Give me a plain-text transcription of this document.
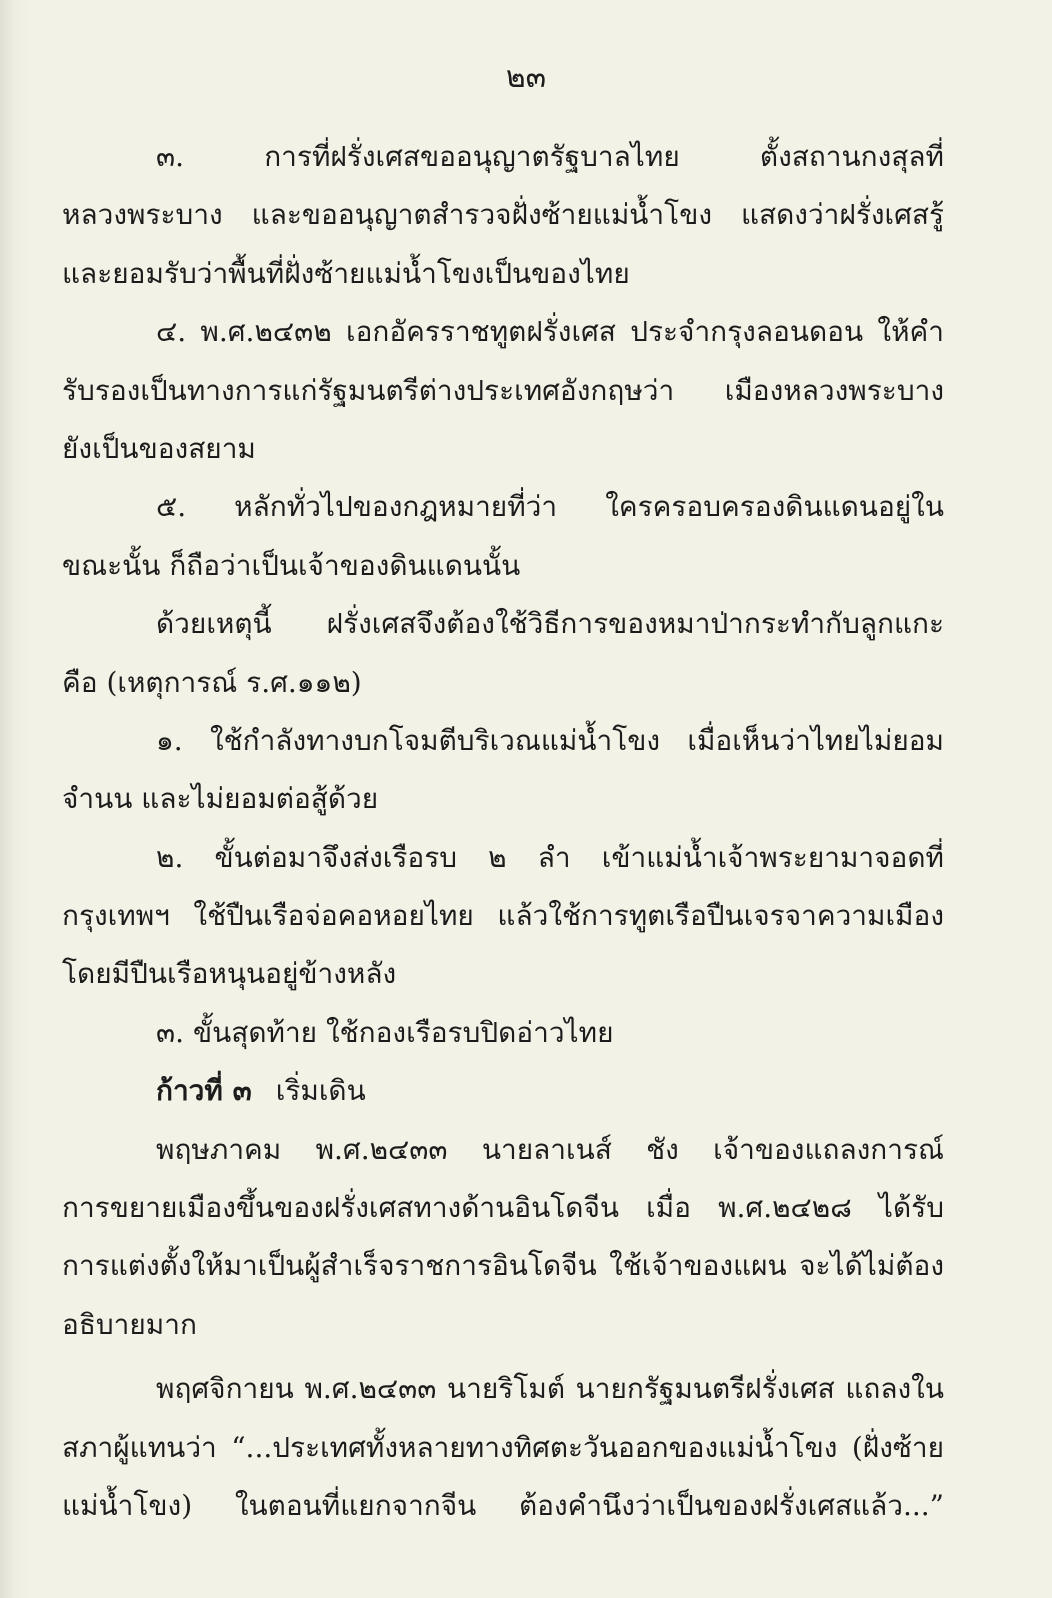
๒๓
๓. การที่ฝรั่งเศสขออนุญาตรัฐบาลไทย ตั้งสถานกงสุลที่
หลวงพระบาง และขออนุญาตสำรวจฝั่งซ้ายแม่น้ำโขง แสดงว่าฝรั่งเศสรู้
และยอมรับว่าพื้นที่ฝั่งซ้ายแม่น้ำโขงเป็นของไทย
๔. พ.ศ.๒๔๓๒ เอกอัครราชทูตฝรั่งเศส ประจำกรุงลอนดอน ให้คำ
รับรองเป็นทางการแก่รัฐมนตรีต่างประเทศอังกฤษว่า เมืองหลวงพระบาง
ยังเป็นของสยาม
๕. หลักทั่วไปของกฎหมายที่ว่า ใครครอบครองดินแดนอยู่ใน
ขณะนั้น ก็ถือว่าเป็นเจ้าของดินแดนนั้น
ด้วยเหตุนี้ ฝรั่งเศสจึงต้องใช้วิธีการของหมาป่ากระทำกับลูกแกะ
คือ (เหตุการณ์ ร.ศ.๑๑๒)
๑. ใช้กำลังทางบกโจมตีบริเวณแม่น้ำโขง เมื่อเห็นว่าไทยไม่ยอม
จำนน และไม่ยอมต่อสู้ด้วย
๒. ขั้นต่อมาจึงส่งเรือรบ ๒ ลำ เข้าแม่น้ำเจ้าพระยามาจอดที่
กรุงเทพฯ ใช้ปืนเรือจ่อคอหอยไทย แล้วใช้การทูตเรือปืนเจรจาความเมือง
โดยมีปืนเรือหนุนอยู่ข้างหลัง
๓. ขั้นสุดท้าย ใช้กองเรือรบปิดอ่าวไทย
ก้าวที่ ๓ เริ่มเดิน
พฤษภาคม พ.ศ.๒๔๓๓ นายลาเนส์ ชัง เจ้าของแถลงการณ์
การขยายเมืองขึ้นของฝรั่งเศสทางด้านอินโดจีน เมื่อ พ.ศ.๒๔๒๘ ได้รับ
การแต่งตั้งให้มาเป็นผู้สำเร็จราชการอินโดจีน ใช้เจ้าของแผน จะได้ไม่ต้อง
อธิบายมาก
พฤศจิกายน พ.ศ.๒๔๓๓ นายริโมต์ นายกรัฐมนตรีฝรั่งเศส แถลงใน
สภาผู้แทนว่า “...ประเทศทั้งหลายทางทิศตะวันออกของแม่น้ำโขง (ฝั่งซ้าย
แม่น้ำโขง) ในตอนที่แยกจากจีน ต้องคำนึงว่าเป็นของฝรั่งเศสแล้ว...”
